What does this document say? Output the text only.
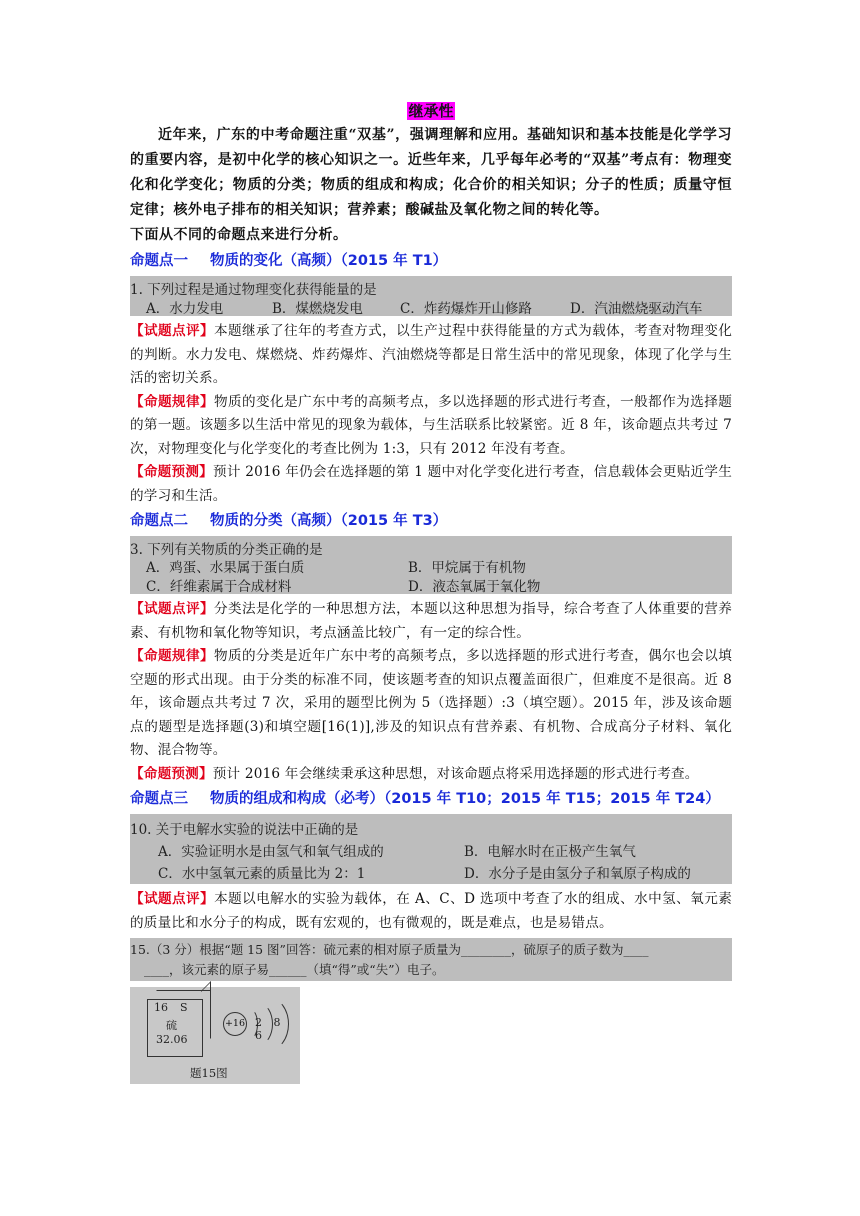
继承性

近年来，广东的中考命题注重“双基”，强调理解和应用。基础知识和基本技能是化学学习的重要内容，是初中化学的核心知识之一。近些年来，几乎每年必考的“双基”考点有：物理变化和化学变化；物质的分类；物质的组成和构成；化合价的相关知识；分子的性质；质量守恒定律；核外电子排布的相关知识；营养素；酸碱盐及氧化物之间的转化等。

下面从不同的命题点来进行分析。

命题点一 物质的变化（高频）（2015 年 T1）
1. 下列过程是通过物理变化获得能量的是
A．水力发电	B．煤燃烧发电	C．炸药爆炸开山修路	D．汽油燃烧驱动汽车

【试题点评】本题继承了往年的考查方式，以生产过程中获得能量的方式为载体，考查对物理变化的判断。水力发电、煤燃烧、炸药爆炸、汽油燃烧等都是日常生活中的常见现象，体现了化学与生活的密切关系。

【命题规律】物质的变化是广东中考的高频考点，多以选择题的形式进行考查，一般都作为选择题的第一题。该题多以生活中常见的现象为载体，与生活联系比较紧密。近 8 年，该命题点共考过 7 次，对物理变化与化学变化的考查比例为 1:3，只有 2012 年没有考查。

【命题预测】预计 2016 年仍会在选择题的第 1 题中对化学变化进行考查，信息载体会更贴近学生的学习和生活。

命题点二 物质的分类（高频）（2015 年 T3）
3. 下列有关物质的分类正确的是
A．鸡蛋、水果属于蛋白质	B．甲烷属于有机物
C．纤维素属于合成材料	D．液态氧属于氧化物

【试题点评】分类法是化学的一种思想方法，本题以这种思想为指导，综合考查了人体重要的营养素、有机物和氧化物等知识，考点涵盖比较广，有一定的综合性。

【命题规律】物质的分类是近年广东中考的高频考点，多以选择题的形式进行考查，偶尔也会以填空题的形式出现。由于分类的标准不同，使该题考查的知识点覆盖面很广，但难度不是很高。近 8 年，该命题点共考过 7 次，采用的题型比例为 5（选择题）:3（填空题）。2015 年，涉及该命题点的题型是选择题(3)和填空题[16(1)],涉及的知识点有营养素、有机物、合成高分子材料、氧化物、混合物等。

【命题预测】预计 2016 年会继续秉承这种思想，对该命题点将采用选择题的形式进行考查。

命题点三 物质的组成和构成（必考）（2015 年 T10；2015 年 T15；2015 年 T24）
10. 关于电解水实验的说法中正确的是
A．实验证明水是由氢气和氧气组成的	B．电解水时在正极产生氧气
C．水中氢氧元素的质量比为 2：1	D．水分子是由氢分子和氧原子构成的

【试题点评】本题以电解水的实验为载体，在 A、C、D 选项中考查了水的组成、水中氢、氧元素的质量比和水分子的构成，既有宏观的，也有微观的，既是难点，也是易错点。

15.（3 分）根据“题 15 图”回答：硫元素的相对原子质量为________，硫原子的质子数为____
____，该元素的原子易______（填“得”或“失”）电子。
16 S
硫
32.06
+16 2 8 6
题15图
